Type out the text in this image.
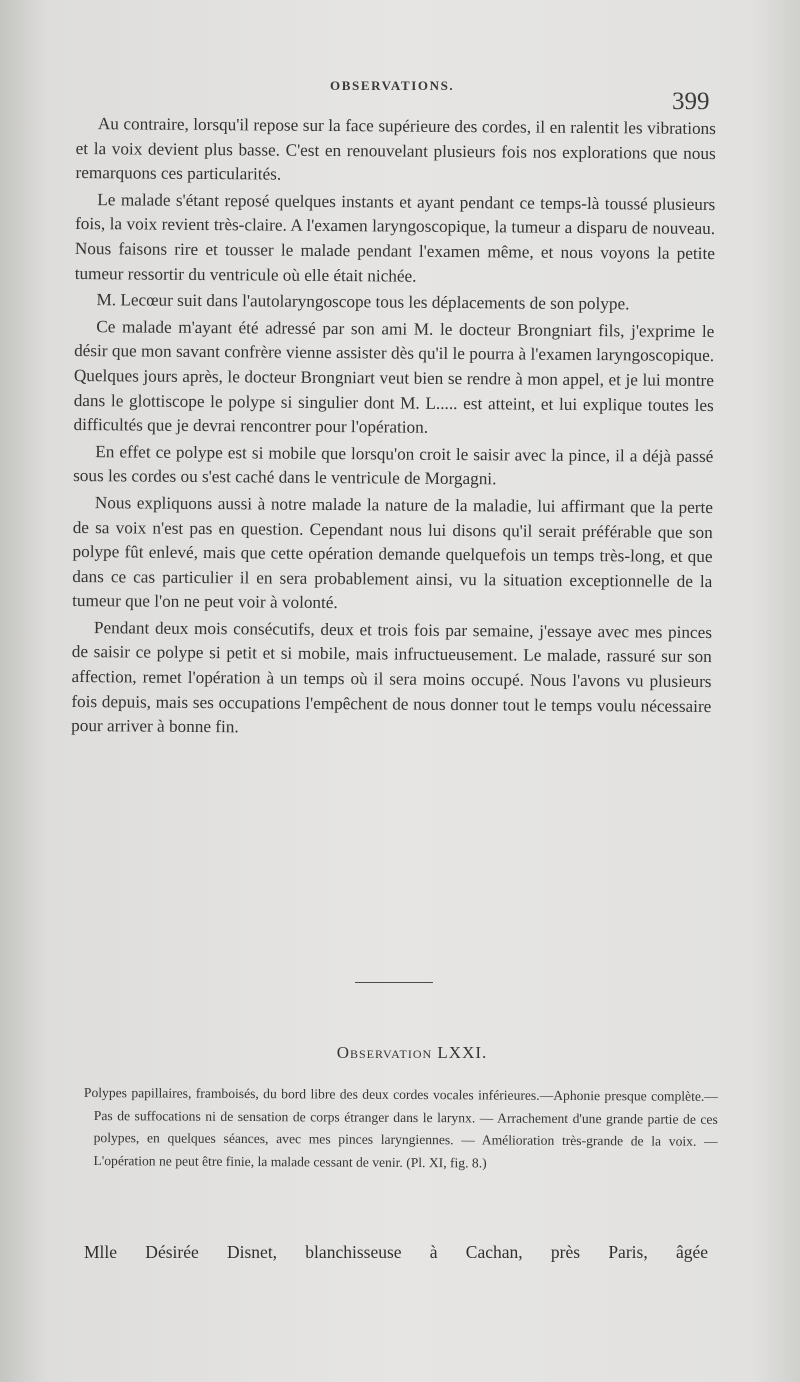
OBSERVATIONS.
399

Au contraire, lorsqu'il repose sur la face supérieure des cordes, il en ralentit les vibrations et la voix devient plus basse. C'est en renouvelant plusieurs fois nos explorations que nous remarquons ces particularités.

Le malade s'étant reposé quelques instants et ayant pendant ce temps-là toussé plusieurs fois, la voix revient très-claire. A l'examen laryngoscopique, la tumeur a disparu de nouveau. Nous faisons rire et tousser le malade pendant l'examen même, et nous voyons la petite tumeur ressortir du ventricule où elle était nichée.

M. Lecœur suit dans l'autolaryngoscope tous les déplacements de son polype.

Ce malade m'ayant été adressé par son ami M. le docteur Brongniart fils, j'exprime le désir que mon savant confrère vienne assister dès qu'il le pourra à l'examen laryngoscopique. Quelques jours après, le docteur Brongniart veut bien se rendre à mon appel, et je lui montre dans le glottiscope le polype si singulier dont M. L..... est atteint, et lui explique toutes les difficultés que je devrai rencontrer pour l'opération.

En effet ce polype est si mobile que lorsqu'on croit le saisir avec la pince, il a déjà passé sous les cordes ou s'est caché dans le ventricule de Morgagni.

Nous expliquons aussi à notre malade la nature de la maladie, lui affirmant que la perte de sa voix n'est pas en question. Cependant nous lui disons qu'il serait préférable que son polype fût enlevé, mais que cette opération demande quelquefois un temps très-long, et que dans ce cas particulier il en sera probablement ainsi, vu la situation exceptionnelle de la tumeur que l'on ne peut voir à volonté.

Pendant deux mois consécutifs, deux et trois fois par semaine, j'essaye avec mes pinces de saisir ce polype si petit et si mobile, mais infructueusement. Le malade, rassuré sur son affection, remet l'opération à un temps où il sera moins occupé. Nous l'avons vu plusieurs fois depuis, mais ses occupations l'empêchent de nous donner tout le temps voulu nécessaire pour arriver à bonne fin.

Observation LXXI.
Polypes papillaires, framboisés, du bord libre des deux cordes vocales inférieures.—Aphonie presque complète.— Pas de suffocations ni de sensation de corps étranger dans le larynx. — Arrachement d'une grande partie de ces polypes, en quelques séances, avec mes pinces laryngiennes. — Amélioration très-grande de la voix. — L'opération ne peut être finie, la malade cessant de venir. (Pl. XI, fig. 8.)
Mlle Désirée Disnet, blanchisseuse à Cachan, près Paris, âgée
